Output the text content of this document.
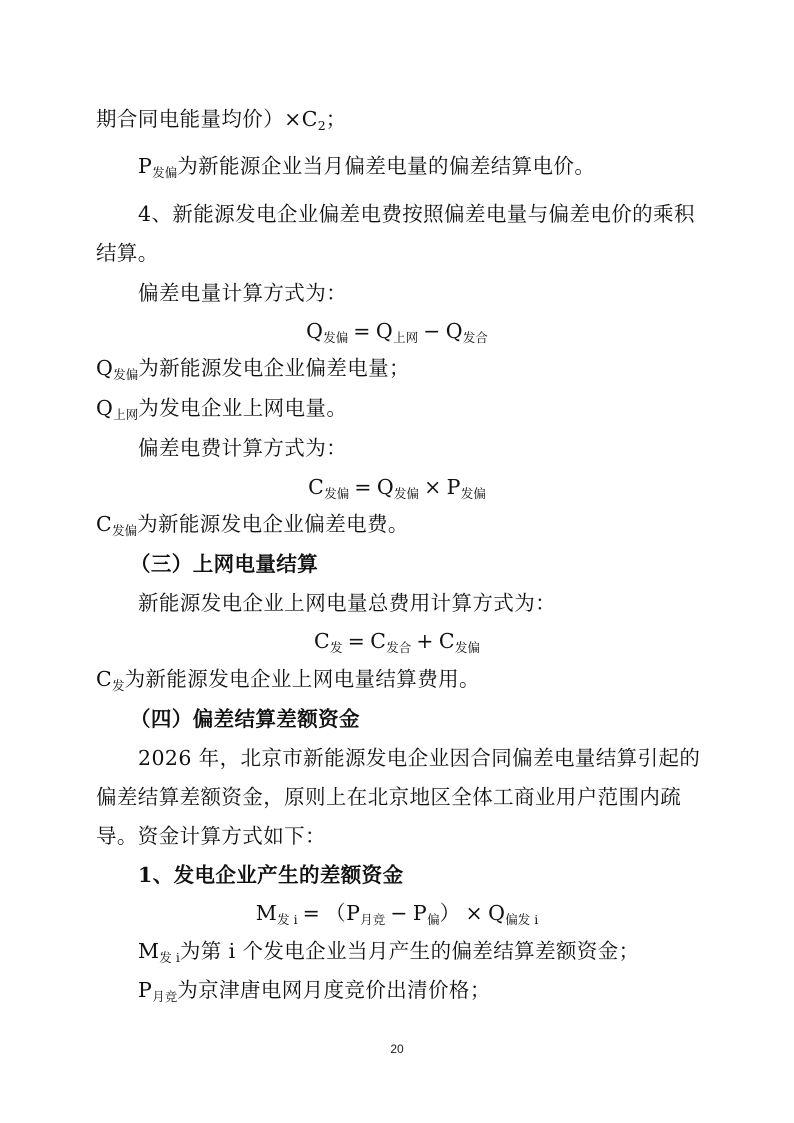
期合同电能量均价）$\times C_2$；
$P_{发偏}$为新能源企业当月偏差电量的偏差结算电价。
4、新能源发电企业偏差电费按照偏差电量与偏差电价的乘积
结算。
偏差电量计算方式为：
$Q_{发偏} = Q_{上网} - Q_{发合}$
$Q_{发偏}$为新能源发电企业偏差电量；
$Q_{上网}$为发电企业上网电量。
偏差电费计算方式为：
$C_{发偏} = Q_{发偏} \times P_{发偏}$
$C_{发偏}$为新能源发电企业偏差电费。
（三）上网电量结算
新能源发电企业上网电量总费用计算方式为：
$C_发 = C_{发合} + C_{发偏}$
$C_发$为新能源发电企业上网电量结算费用。
（四）偏差结算差额资金
2026 年，北京市新能源发电企业因合同偏差电量结算引起的
偏差结算差额资金，原则上在北京地区全体工商业用户范围内疏
导。资金计算方式如下：
1、发电企业产生的差额资金
$M_{发 i} = (P_{月竞} - P_偏) \times Q_{偏发 i}$
$M_{发 i}$为第 i 个发电企业当月产生的偏差结算差额资金；
$P_{月竞}$为京津唐电网月度竞价出清价格；
20
